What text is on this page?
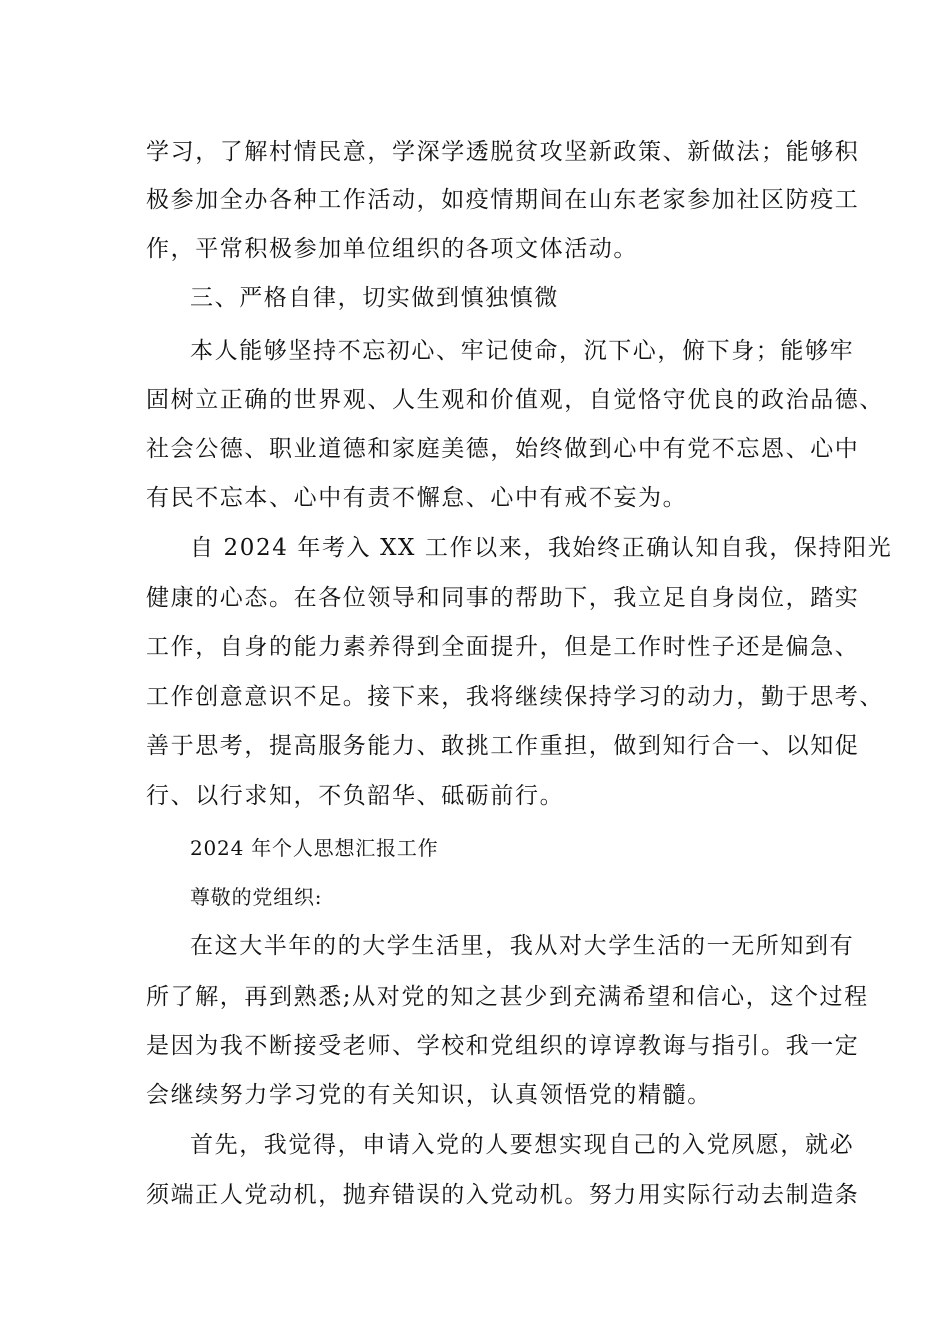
学习，了解村情民意，学深学透脱贫攻坚新政策、新做法；能够积
极参加全办各种工作活动，如疫情期间在山东老家参加社区防疫工
作，平常积极参加单位组织的各项文体活动。
三、严格自律，切实做到慎独慎微
本人能够坚持不忘初心、牢记使命，沉下心，俯下身；能够牢
固树立正确的世界观、人生观和价值观，自觉恪守优良的政治品德、
社会公德、职业道德和家庭美德，始终做到心中有党不忘恩、心中
有民不忘本、心中有责不懈怠、心中有戒不妄为。
自 2024 年考入 XX 工作以来，我始终正确认知自我，保持阳光
健康的心态。在各位领导和同事的帮助下，我立足自身岗位，踏实
工作，自身的能力素养得到全面提升，但是工作时性子还是偏急、
工作创意意识不足。接下来，我将继续保持学习的动力，勤于思考、
善于思考，提高服务能力、敢挑工作重担，做到知行合一、以知促
行、以行求知，不负韶华、砥砺前行。
2024 年个人思想汇报工作
尊敬的党组织:
在这大半年的的大学生活里，我从对大学生活的一无所知到有
所了解，再到熟悉;从对党的知之甚少到充满希望和信心，这个过程
是因为我不断接受老师、学校和党组织的谆谆教诲与指引。我一定
会继续努力学习党的有关知识，认真领悟党的精髓。
首先，我觉得，申请入党的人要想实现自己的入党夙愿，就必
须端正人党动机，抛弃错误的入党动机。努力用实际行动去制造条
